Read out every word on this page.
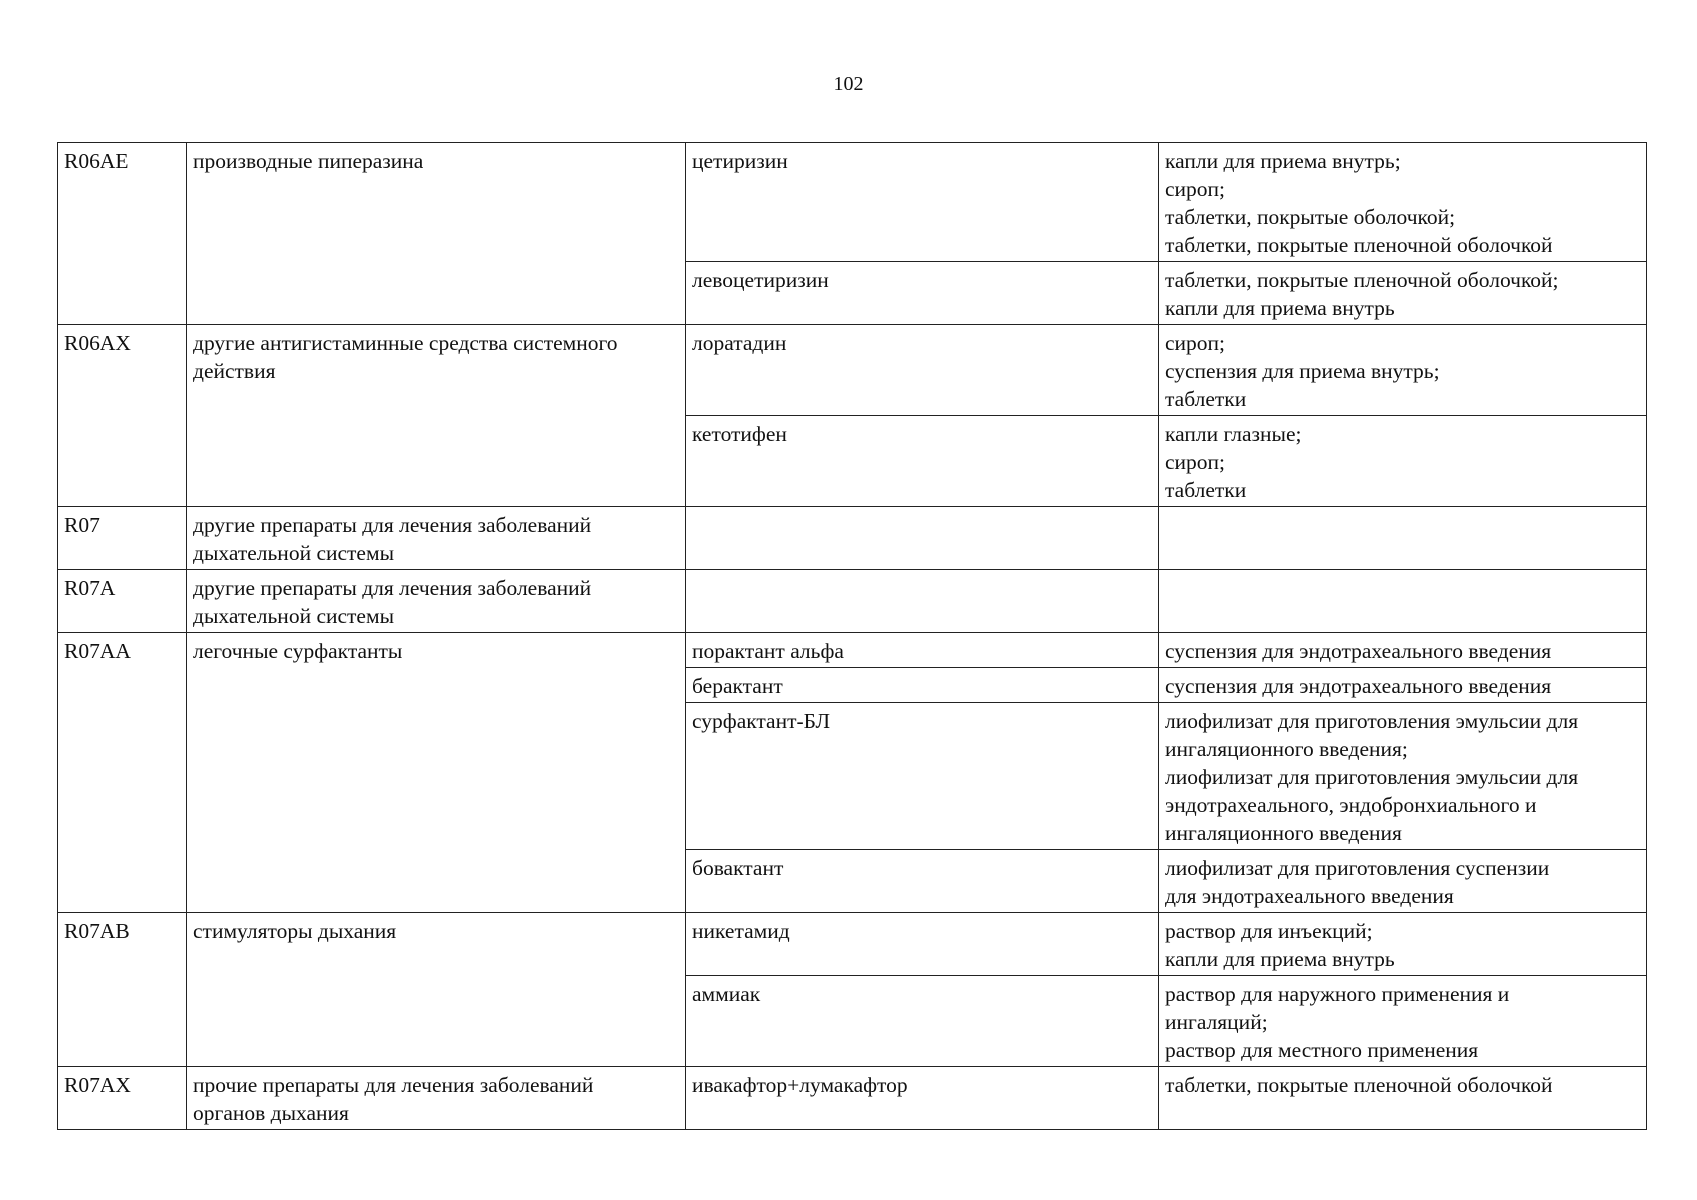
102
R06AE	производные пиперазина	цетиризин	капли для приема внутрь;
сироп;
таблетки, покрытые оболочкой;
таблетки, покрытые пленочной оболочкой

		левоцетиризин	таблетки, покрытые пленочной оболочкой;
капли для приема внутрь

R06AX	другие антигистаминные средства системного
действия	лоратадин	сироп;
суспензия для приема внутрь;
таблетки

		кетотифен	капли глазные;
сироп;
таблетки

R07	другие препараты для лечения заболеваний
дыхательной системы		

R07A	другие препараты для лечения заболеваний
дыхательной системы		

R07AA	легочные сурфактанты	порактант альфа	суспензия для эндотрахеального введения

		берактант	суспензия для эндотрахеального введения

		сурфактант-БЛ	лиофилизат для приготовления эмульсии для
ингаляционного введения;
лиофилизат для приготовления эмульсии для
эндотрахеального, эндобронхиального и
ингаляционного введения

		бовактант	лиофилизат для приготовления суспензии
для эндотрахеального введения

R07AB	стимуляторы дыхания	никетамид	раствор для инъекций;
капли для приема внутрь

		аммиак	раствор для наружного применения и
ингаляций;
раствор для местного применения

R07AX	прочие препараты для лечения заболеваний
органов дыхания	ивакафтор+лумакафтор	таблетки, покрытые пленочной оболочкой
